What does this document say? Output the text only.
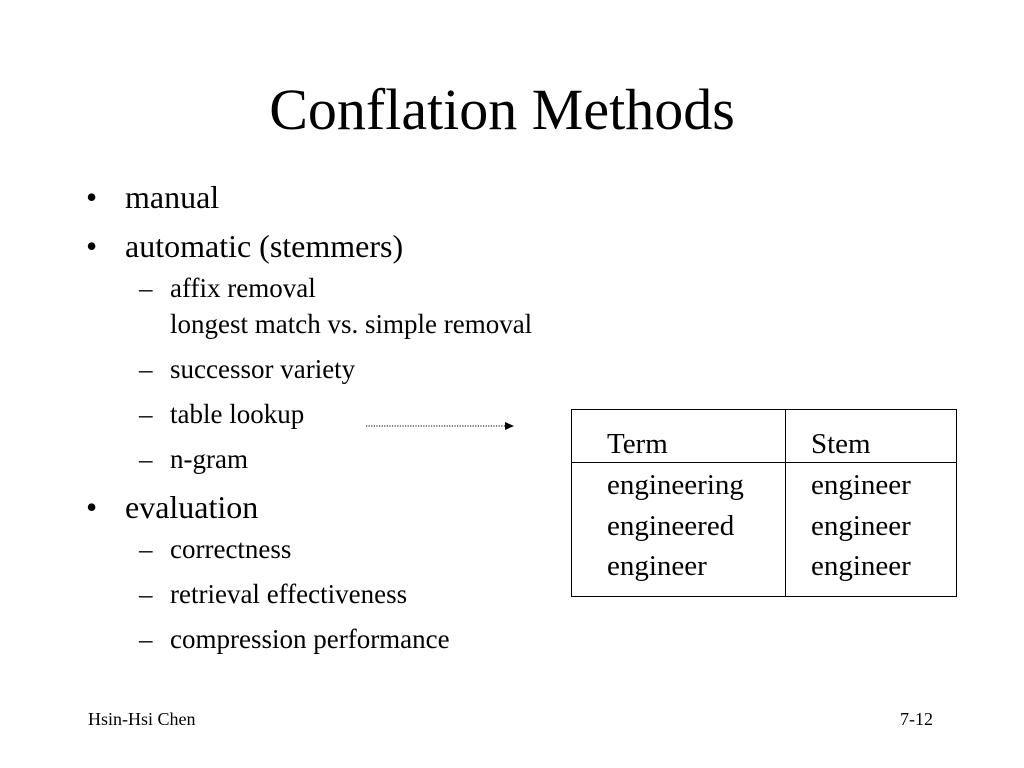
Conflation Methods
• manual
• automatic (stemmers)
– affix removal
longest match vs. simple removal
– successor variety
– table lookup
– n-gram
• evaluation
– correctness
– retrieval effectiveness
– compression performance
Term
engineering
engineered
engineer
Stem
engineer
engineer
engineer
Hsin-Hsi Chen	7-12
